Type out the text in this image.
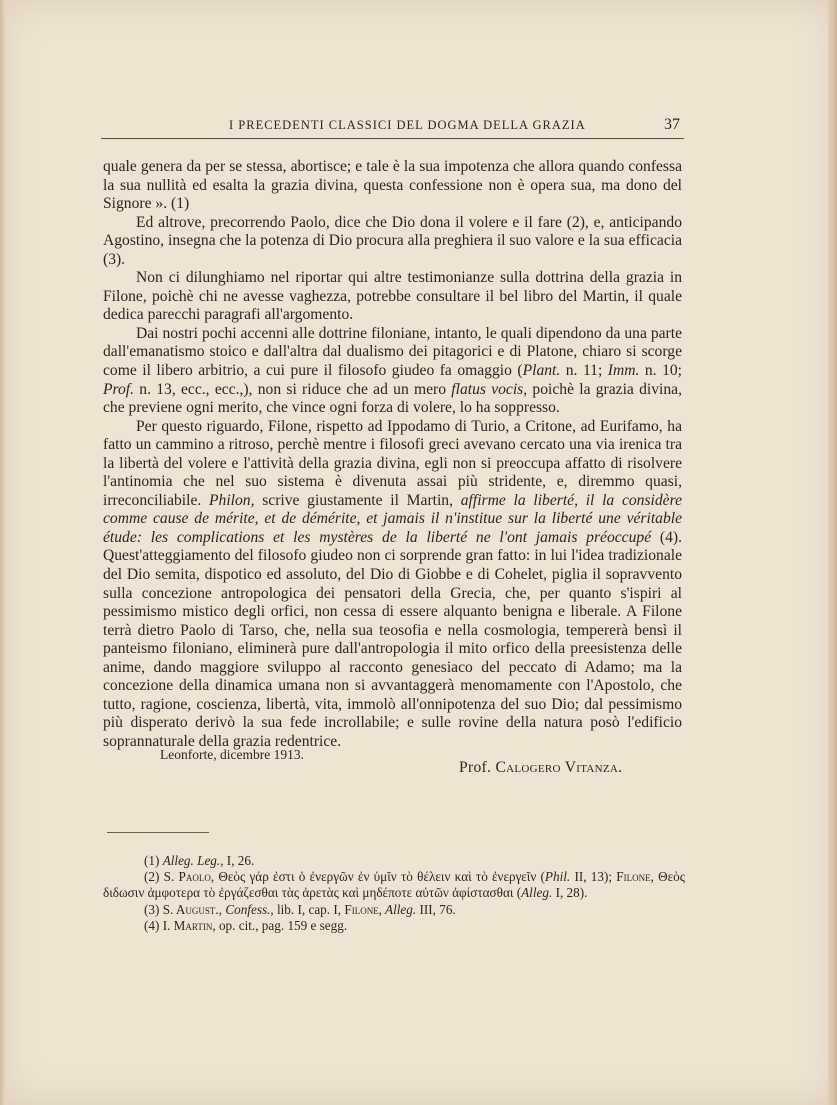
I PRECEDENTI CLASSICI DEL DOGMA DELLA GRAZIA	37

quale genera da per se stessa, abortisce; e tale è la sua impotenza che allora quando confessa la sua nullità ed esalta la grazia divina, questa confessione non è opera sua, ma dono del Signore ». (1)

Ed altrove, precorrendo Paolo, dice che Dio dona il volere e il fare (2), e, anticipando Agostino, insegna che la potenza di Dio procura alla preghiera il suo valore e la sua efficacia (3).

Non ci dilunghiamo nel riportar qui altre testimonianze sulla dottrina della grazia in Filone, poichè chi ne avesse vaghezza, potrebbe consultare il bel libro del Martin, il quale dedica parecchi paragrafi all'argomento.

Dai nostri pochi accenni alle dottrine filoniane, intanto, le quali dipendono da una parte dall'emanatismo stoico e dall'altra dal dualismo dei pitagorici e di Platone, chiaro si scorge come il libero arbitrio, a cui pure il filosofo giudeo fa omaggio (Plant. n. 11; Imm. n. 10; Prof. n. 13, ecc., ecc.,), non si riduce che ad un mero flatus vocis, poichè la grazia divina, che previene ogni merito, che vince ogni forza di volere, lo ha soppresso.

Per questo riguardo, Filone, rispetto ad Ippodamo di Turio, a Critone, ad Eurifamo, ha fatto un cammino a ritroso, perchè mentre i filosofi greci avevano cercato una via irenica tra la libertà del volere e l'attività della grazia divina, egli non si preoccupa affatto di risolvere l'antinomia che nel suo sistema è divenuta assai più stridente, e, diremmo quasi, irreconciliabile. Philon, scrive giustamente il Martin, affirme la liberté, il la considère comme cause de mérite, et de démérite, et jamais il n'institue sur la liberté une véritable étude: les complications et les mystères de la liberté ne l'ont jamais préoccupé (4). Quest'atteggiamento del filosofo giudeo non ci sorprende gran fatto: in lui l'idea tradizionale del Dio semita, dispotico ed assoluto, del Dio di Giobbe e di Cohelet, piglia il sopravvento sulla concezione antropologica dei pensatori della Grecia, che, per quanto s'ispiri al pessimismo mistico degli orfici, non cessa di essere alquanto benigna e liberale. A Filone terrà dietro Paolo di Tarso, che, nella sua teosofia e nella cosmologia, tempererà bensì il panteismo filoniano, eliminerà pure dall'antropologia il mito orfico della preesistenza delle anime, dando maggiore sviluppo al racconto genesiaco del peccato di Adamo; ma la concezione della dinamica umana non si avvantaggerà menomamente con l'Apostolo, che tutto, ragione, coscienza, libertà, vita, immolò all'onnipotenza del suo Dio; dal pessimismo più disperato derivò la sua fede incrollabile; e sulle rovine della natura posò l'edificio soprannaturale della grazia redentrice.

Leonforte, dicembre 1913.
Prof. Calogero Vitanza.
(1) Alleg. Leg., I, 26.
(2) S. Paolo, Θεὸς γάρ ἐστι ὁ ἐνεργῶν ἐν ὑμῖν τὸ θέλειν καὶ τὸ ἐνεργεῖν (Phil. II, 13); Filone, Θεὸς διδωσιν ἀμφοτερα τὸ ἐργάζεσθαι τὰς ἀρετὰς καὶ μηδέποτε αὐτῶν ἀφίστασθαι (Alleg. I, 28).
(3) S. August., Confess., lib. I, cap. I, Filone, Alleg. III, 76.
(4) I. Martin, op. cit., pag. 159 e segg.
